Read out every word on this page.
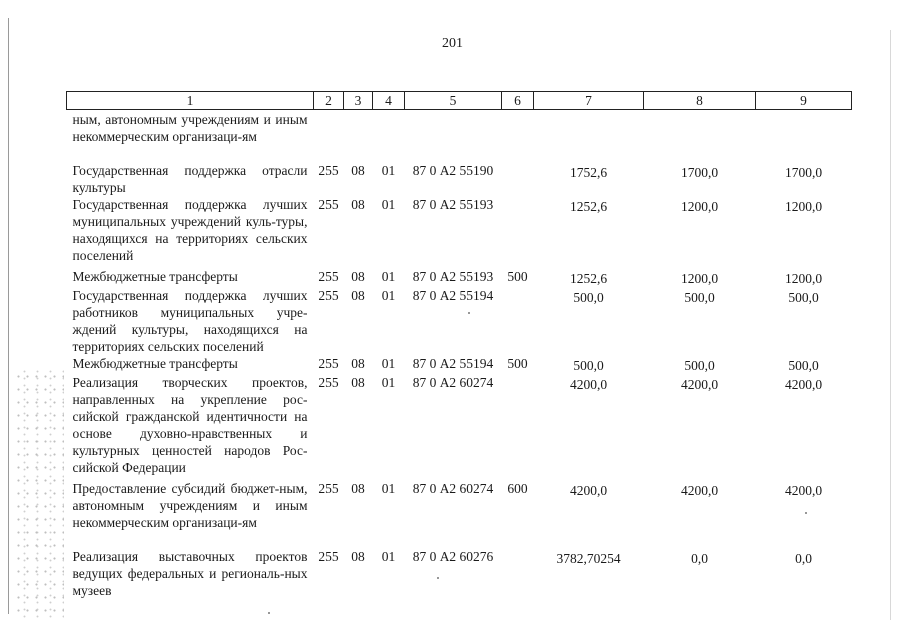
201
1	2	3	4	5	6	7	8	9
ным, автономным учреждениям и иным некоммерческим организаци-ям								
Государственная поддержка отрасли культуры	255	08	01	87 0 А2 55190		1752,6	1700,0	1700,0
Государственная поддержка лучших муниципальных учреждений куль-туры, находящихся на территориях сельских поселений	255	08	01	87 0 А2 55193		1252,6	1200,0	1200,0
Межбюджетные трансферты	255	08	01	87 0 А2 55193	500	1252,6	1200,0	1200,0
Государственная поддержка лучших работников муниципальных учре-ждений культуры, находящихся на территориях сельских поселений	255	08	01	87 0 А2 55194		500,0	500,0	500,0
Межбюджетные трансферты	255	08	01	87 0 А2 55194	500	500,0	500,0	500,0
Реализация творческих проектов, направленных на укрепление рос-сийской гражданской идентичности на основе духовно-нравственных и культурных ценностей народов Рос-сийской Федерации	255	08	01	87 0 А2 60274		4200,0	4200,0	4200,0
Предоставление субсидий бюджет-ным, автономным учреждениям и иным некоммерческим организаци-ям	255	08	01	87 0 А2 60274	600	4200,0	4200,0	4200,0
Реализация выставочных проектов ведущих федеральных и региональ-ных музеев	255	08	01	87 0 А2 60276		3782,70254	0,0	0,0
